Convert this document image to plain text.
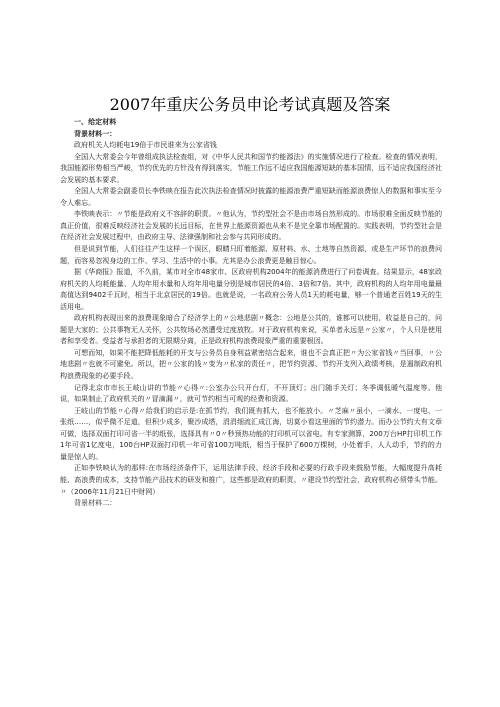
2007年重庆公务员申论考试真题及答案

一、给定材料

背景材料一：

政府机关人均耗电19倍于市民谁来为公家省钱

全国人大常委会今年曾组成执法检查组，对《中华人民共和国节约能源法》的实施情况进行了检查。检查的情况表明，我国能源形势相当严峻，节约优先的方针没有得到落实，节能工作远不适应我国能源短缺的基本国情，远不适应我国经济社会发展的基本要求。

全国人大常委会副委员长李铁映在报告此次执法检查情况时披露的能源浪费严重短缺而能源浪费惊人的数据和事实至今令人难忘。

李铁映表示：〃节能是政府义不容辞的职责。〃他认为，节约型社会不是由市场自然形成的。市场很难全面反映节能的真正价值，很难反映经济社会发展的长远目标，在世界上能源资源也从来不是完全靠市场配置的。实践表明，节约型社会是在经济社会发展过程中，由政府主导、法律强制和社会参与共同形成的。

但是说到节能，人们往往产生这样一个误区，眼睛只盯着能源、原材料、水、土地等自然资源，或是生产环节的浪费问题，而容易忽视身边的工作、学习、生活中的小事。尤其是办公浪费更是触目惊心。

据《华商报》报道，不久前，某市对全市48家市、区政府机构2004年的能源消费进行了问卷调查。结果显示，48家政府机关的人均耗能量、人均年用水量和人均年用电量分别是城市居民的4倍、3倍和7倍。其中，政府机构的人均年用电量最高值达到9402千瓦时，相当于北京居民的19倍。也就是说，一名政府公务人员1天的耗电量，够一个普通老百姓19天的生活用电。

政府机构表现出来的浪费现象暗合了经济学上的〃公地悲剧〃概念：公地是公共的，谁都可以使用，收益是自己的，问题是大家的；公共事物无人关怀，公共牧场必然遭受过度放牧。对于政府机构来说，买单者永远是〃公家〃，个人只是使用者和享受者。受益者与承担者的无限期分离，正是政府机构浪费现象严重的重要根因。

可想而知，如果不能把降低能耗的开支与公务员自身利益紧密结合起来，谁也不会真正把〃为公家省钱〃当回事，〃公地悲剧〃也就不可避免。所以，把〃公家的钱〃变为〃私家的责任〃，把节约资源、节约开支列入政绩考核，是遏制政府机构浪费现象的必要手段。

记得北京市市长王岐山讲的节能〃心得〃:公室办公只开台灯，不开顶灯；出门随手关灯；冬季调低暖气温度等。他说，如果制止了政府机关的〃冒滴漏〃，就可节约相当可观的经费和资源。

王岐山的节能〃心得〃给我们的启示是:在抓节约，我们既有抓大，也不能放小。〃芝麻〃虽小，一滴水、一度电、一张纸……，似乎微不足道，但积少成多，聚沙成塔，涓涓细流汇成江海，切莫小看这里面的节约潜力。而办公节约大有文章可做，选择双面打印可省一半的纸张，选择具有〃0〃秒预热功能的打印机可以省电。有专家测算，200万台HP打印机工作1年可省1亿度电，100台HP双面打印机一年可省100万吨纸，相当于保护了600万棵树，小处着手，人人动手，节约的力量是惊人的。

正如李铁映认为的那样:在市场经济条件下，运用法律手段、经济手段和必要的行政手段来鼓励节能，大幅度提升高耗能、高浪费的成本，支持节能产品技术的研发和推广，这些都是政府的职责。〃建设节约型社会，政府机构必须带头节能。〃（2006年11月21日中财网）

背景材料二：
